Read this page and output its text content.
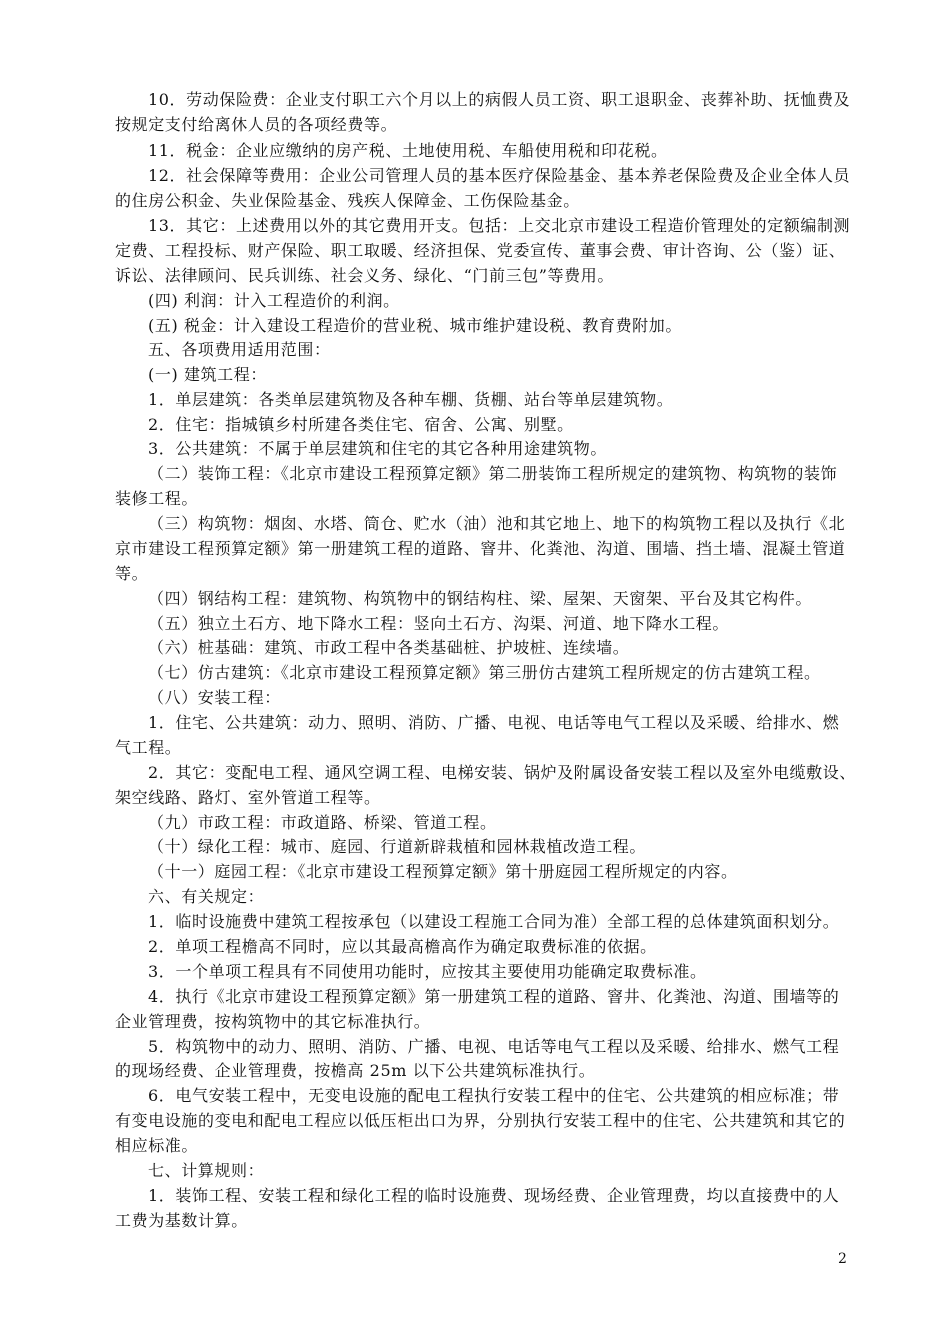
10．劳动保险费：企业支付职工六个月以上的病假人员工资、职工退职金、丧葬补助、抚恤费及
按规定支付给离休人员的各项经费等。
11．税金：企业应缴纳的房产税、土地使用税、车船使用税和印花税。
12．社会保障等费用：企业公司管理人员的基本医疗保险基金、基本养老保险费及企业全体人员
的住房公积金、失业保险基金、残疾人保障金、工伤保险基金。
13．其它：上述费用以外的其它费用开支。包括：上交北京市建设工程造价管理处的定额编制测
定费、工程投标、财产保险、职工取暖、经济担保、党委宣传、董事会费、审计咨询、公（鉴）证、
诉讼、法律顾问、民兵训练、社会义务、绿化、“门前三包”等费用。
(四) 利润：计入工程造价的利润。
(五) 税金：计入建设工程造价的营业税、城市维护建设税、教育费附加。
五、各项费用适用范围：
(一) 建筑工程：
1．单层建筑：各类单层建筑物及各种车棚、货棚、站台等单层建筑物。
2．住宅：指城镇乡村所建各类住宅、宿舍、公寓、别墅。
3．公共建筑：不属于单层建筑和住宅的其它各种用途建筑物。
（二）装饰工程：《北京市建设工程预算定额》第二册装饰工程所规定的建筑物、构筑物的装饰
装修工程。
（三）构筑物：烟囱、水塔、筒仓、贮水（油）池和其它地上、地下的构筑物工程以及执行《北
京市建设工程预算定额》第一册建筑工程的道路、窨井、化粪池、沟道、围墙、挡土墙、混凝土管道
等。
（四）钢结构工程：建筑物、构筑物中的钢结构柱、梁、屋架、天窗架、平台及其它构件。
（五）独立土石方、地下降水工程：竖向土石方、沟渠、河道、地下降水工程。
（六）桩基础：建筑、市政工程中各类基础桩、护坡桩、连续墙。
（七）仿古建筑：《北京市建设工程预算定额》第三册仿古建筑工程所规定的仿古建筑工程。
（八）安装工程：
1．住宅、公共建筑：动力、照明、消防、广播、电视、电话等电气工程以及采暖、给排水、燃
气工程。
2．其它：变配电工程、通风空调工程、电梯安装、锅炉及附属设备安装工程以及室外电缆敷设、
架空线路、路灯、室外管道工程等。
（九）市政工程：市政道路、桥梁、管道工程。
（十）绿化工程：城市、庭园、行道新辟栽植和园林栽植改造工程。
（十一）庭园工程：《北京市建设工程预算定额》第十册庭园工程所规定的内容。
六、有关规定：
1．临时设施费中建筑工程按承包（以建设工程施工合同为准）全部工程的总体建筑面积划分。
2．单项工程檐高不同时，应以其最高檐高作为确定取费标准的依据。
3．一个单项工程具有不同使用功能时，应按其主要使用功能确定取费标准。
4．执行《北京市建设工程预算定额》第一册建筑工程的道路、窨井、化粪池、沟道、围墙等的
企业管理费，按构筑物中的其它标准执行。
5．构筑物中的动力、照明、消防、广播、电视、电话等电气工程以及采暖、给排水、燃气工程
的现场经费、企业管理费，按檐高 25m 以下公共建筑标准执行。
6．电气安装工程中，无变电设施的配电工程执行安装工程中的住宅、公共建筑的相应标准；带
有变电设施的变电和配电工程应以低压柜出口为界，分别执行安装工程中的住宅、公共建筑和其它的
相应标准。
七、计算规则：
1．装饰工程、安装工程和绿化工程的临时设施费、现场经费、企业管理费，均以直接费中的人
工费为基数计算。
2
